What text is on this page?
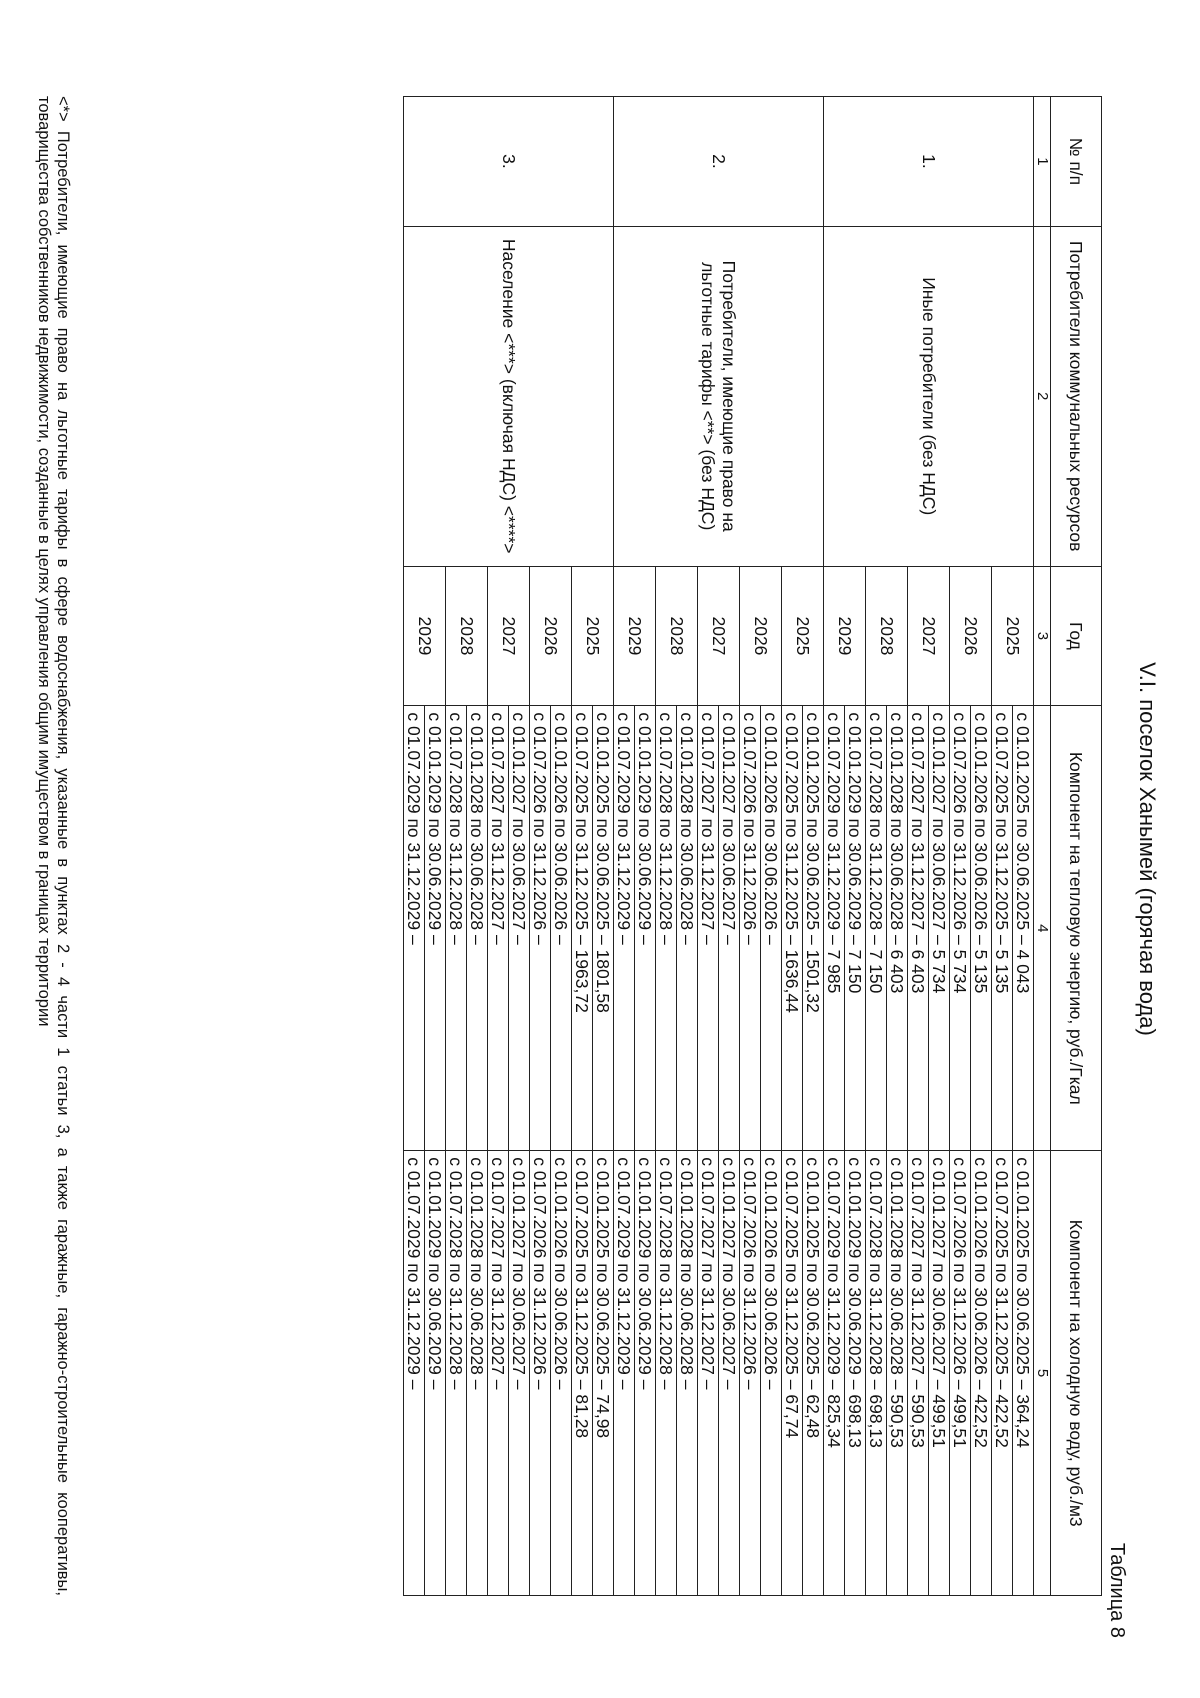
V.I. поселок Ханымей (горячая вода)
Таблица 8
№ п/п	Потребители коммунальных ресурсов	Год	Компонент на тепловую энергию, руб./Гкал	Компонент на холодную воду, руб./м3
1	2	3	4	5
1.	Иные потребители (без НДС)	2025	с 01.01.2025 по 30.06.2025 – 4 043	с 01.01.2025 по 30.06.2025 – 364,24
			с 01.07.2025 по 31.12.2025 – 5 135	с 01.07.2025 по 31.12.2025 – 422,52
		2026	с 01.01.2026 по 30.06.2026 – 5 135	с 01.01.2026 по 30.06.2026 – 422,52
			с 01.07.2026 по 31.12.2026 – 5 734	с 01.07.2026 по 31.12.2026 – 499,51
		2027	с 01.01.2027 по 30.06.2027 – 5 734	с 01.01.2027 по 30.06.2027 – 499,51
			с 01.07.2027 по 31.12.2027 – 6 403	с 01.07.2027 по 31.12.2027 – 590,53
		2028	с 01.01.2028 по 30.06.2028 – 6 403	с 01.01.2028 по 30.06.2028 – 590,53
			с 01.07.2028 по 31.12.2028 – 7 150	с 01.07.2028 по 31.12.2028 – 698,13
		2029	с 01.01.2029 по 30.06.2029 – 7 150	с 01.01.2029 по 30.06.2029 – 698,13
			с 01.07.2029 по 31.12.2029 – 7 985	с 01.07.2029 по 31.12.2029 – 825,34
2.	Потребители, имеющие право на льготные тарифы <**> (без НДС)	2025	с 01.01.2025 по 30.06.2025 – 1501,32	с 01.01.2025 по 30.06.2025 – 62,48
			с 01.07.2025 по 31.12.2025 – 1636,44	с 01.07.2025 по 31.12.2025 – 67,74
		2026	с 01.01.2026 по 30.06.2026 –	с 01.01.2026 по 30.06.2026 –
			с 01.07.2026 по 31.12.2026 –	с 01.07.2026 по 31.12.2026 –
		2027	с 01.01.2027 по 30.06.2027 –	с 01.01.2027 по 30.06.2027 –
			с 01.07.2027 по 31.12.2027 –	с 01.07.2027 по 31.12.2027 –
		2028	с 01.01.2028 по 30.06.2028 –	с 01.01.2028 по 30.06.2028 –
			с 01.07.2028 по 31.12.2028 –	с 01.07.2028 по 31.12.2028 –
		2029	с 01.01.2029 по 30.06.2029 –	с 01.01.2029 по 30.06.2029 –
			с 01.07.2029 по 31.12.2029 –	с 01.07.2029 по 31.12.2029 –
3.	Население <***> (включая НДС) <****>	2025	с 01.01.2025 по 30.06.2025 – 1801,58	с 01.01.2025 по 30.06.2025 – 74,98
			с 01.07.2025 по 31.12.2025 – 1963,72	с 01.07.2025 по 31.12.2025 – 81,28
		2026	с 01.01.2026 по 30.06.2026 –	с 01.01.2026 по 30.06.2026 –
			с 01.07.2026 по 31.12.2026 –	с 01.07.2026 по 31.12.2026 –
		2027	с 01.01.2027 по 30.06.2027 –	с 01.01.2027 по 30.06.2027 –
			с 01.07.2027 по 31.12.2027 –	с 01.07.2027 по 31.12.2027 –
		2028	с 01.01.2028 по 30.06.2028 –	с 01.01.2028 по 30.06.2028 –
			с 01.07.2028 по 31.12.2028 –	с 01.07.2028 по 31.12.2028 –
		2029	с 01.01.2029 по 30.06.2029 –	с 01.01.2029 по 30.06.2029 –
			с 01.07.2029 по 31.12.2029 –	с 01.07.2029 по 31.12.2029 –
<*> Потребители, имеющие право на льготные тарифы в сфере водоснабжения, указанные в пунктах 2 - 4 части 1 статьи 3, а также гаражные, гаражно-строительные кооперативы, товарищества собственников недвижимости, созданные в целях управления общим имуществом в границах территории
